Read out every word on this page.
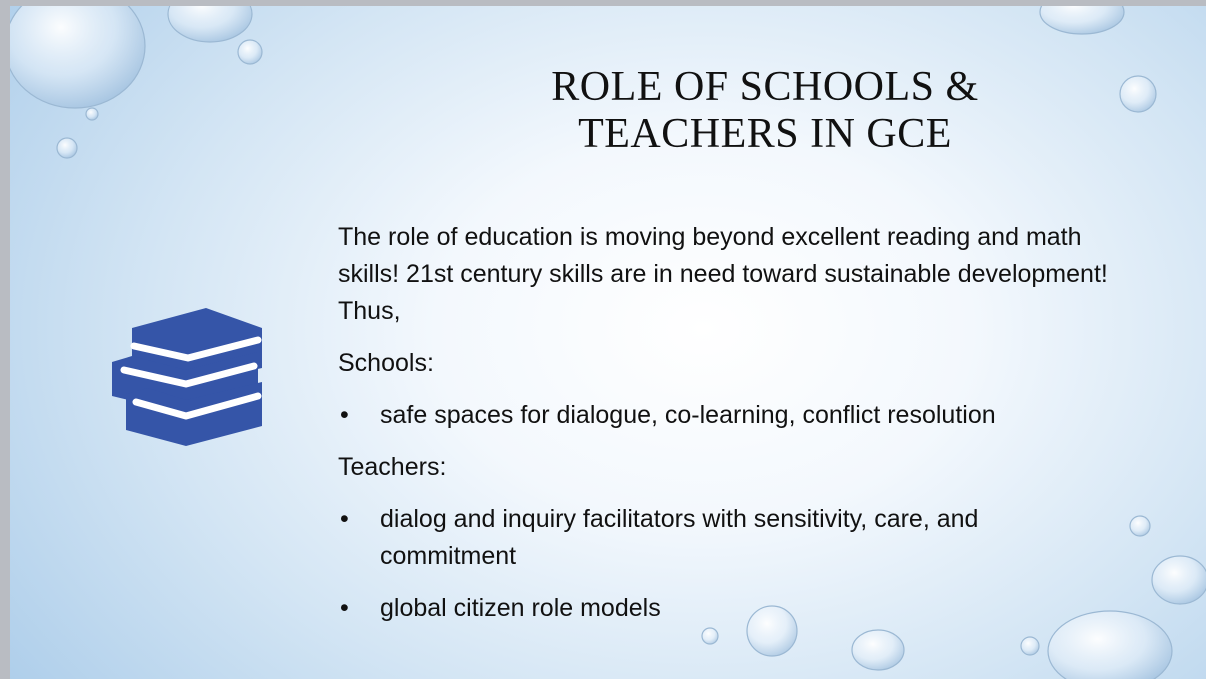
ROLE OF SCHOOLS &
TEACHERS IN GCE

The role of education is moving beyond excellent reading and math skills! 21st century skills are in need toward sustainable development! Thus,

Schools:
• safe spaces for dialogue, co-learning, conflict resolution
Teachers:
• dialog and inquiry facilitators with sensitivity, care, and commitment
• global citizen role models
